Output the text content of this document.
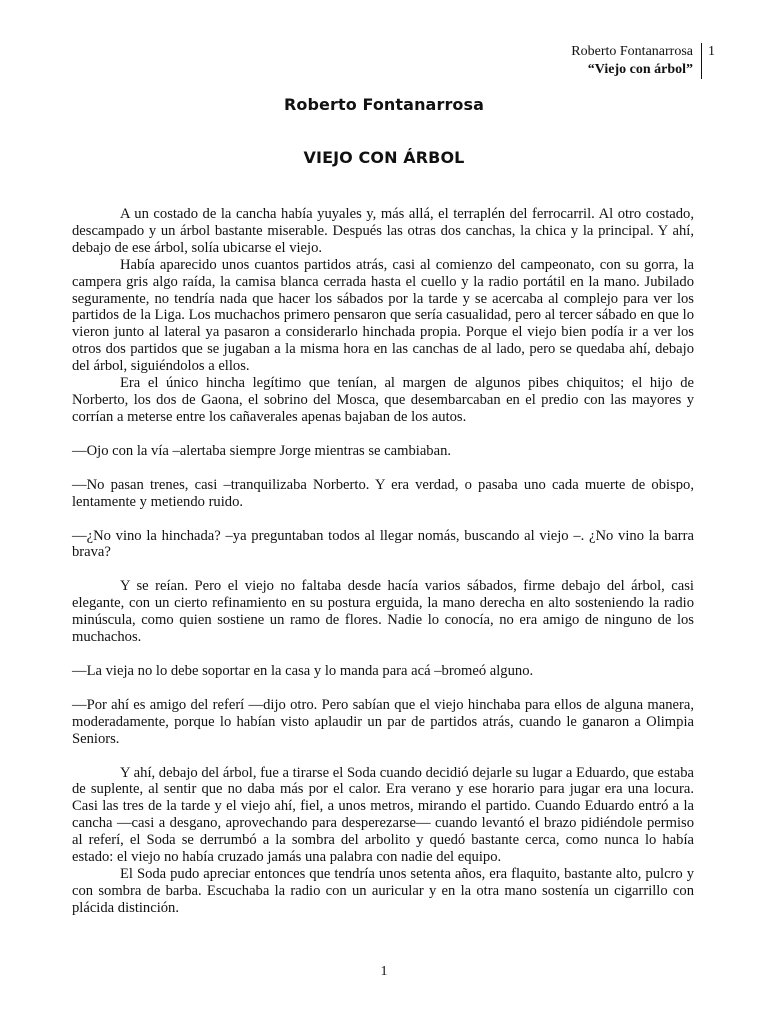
Roberto Fontanarrosa
“Viejo con árbol”
1
Roberto Fontanarrosa
VIEJO CON ÁRBOL

A un costado de la cancha había yuyales y, más allá, el terraplén del ferrocarril. Al otro costado, descampado y un árbol bastante miserable. Después las otras dos canchas, la chica y la principal. Y ahí, debajo de ese árbol, solía ubicarse el viejo.

Había aparecido unos cuantos partidos atrás, casi al comienzo del campeonato, con su gorra, la campera gris algo raída, la camisa blanca cerrada hasta el cuello y la radio portátil en la mano. Jubilado seguramente, no tendría nada que hacer los sábados por la tarde y se acercaba al complejo para ver los partidos de la Liga. Los muchachos primero pensaron que sería casualidad, pero al tercer sábado en que lo vieron junto al lateral ya pasaron a considerarlo hinchada propia. Porque el viejo bien podía ir a ver los otros dos partidos que se jugaban a la misma hora en las canchas de al lado, pero se quedaba ahí, debajo del árbol, siguiéndolos a ellos.

Era el único hincha legítimo que tenían, al margen de algunos pibes chiquitos; el hijo de Norberto, los dos de Gaona, el sobrino del Mosca, que desembarcaban en el predio con las mayores y corrían a meterse entre los cañaverales apenas bajaban de los autos.

—Ojo con la vía –alertaba siempre Jorge mientras se cambiaban.

—No pasan trenes, casi –tranquilizaba Norberto. Y era verdad, o pasaba uno cada muerte de obispo, lentamente y metiendo ruido.

—¿No vino la hinchada? –ya preguntaban todos al llegar nomás, buscando al viejo –. ¿No vino la barra brava?

Y se reían. Pero el viejo no faltaba desde hacía varios sábados, firme debajo del árbol, casi elegante, con un cierto refinamiento en su postura erguida, la mano derecha en alto sosteniendo la radio minúscula, como quien sostiene un ramo de flores. Nadie lo conocía, no era amigo de ninguno de los muchachos.

—La vieja no lo debe soportar en la casa y lo manda para acá –bromeó alguno.

—Por ahí es amigo del referí —dijo otro. Pero sabían que el viejo hinchaba para ellos de alguna manera, moderadamente, porque lo habían visto aplaudir un par de partidos atrás, cuando le ganaron a Olimpia Seniors.

Y ahí, debajo del árbol, fue a tirarse el Soda cuando decidió dejarle su lugar a Eduardo, que estaba de suplente, al sentir que no daba más por el calor. Era verano y ese horario para jugar era una locura. Casi las tres de la tarde y el viejo ahí, fiel, a unos metros, mirando el partido. Cuando Eduardo entró a la cancha —casi a desgano, aprovechando para desperezarse— cuando levantó el brazo pidiéndole permiso al referí, el Soda se derrumbó a la sombra del arbolito y quedó bastante cerca, como nunca lo había estado: el viejo no había cruzado jamás una palabra con nadie del equipo.

El Soda pudo apreciar entonces que tendría unos setenta años, era flaquito, bastante alto, pulcro y con sombra de barba. Escuchaba la radio con un auricular y en la otra mano sostenía un cigarrillo con plácida distinción.

1
